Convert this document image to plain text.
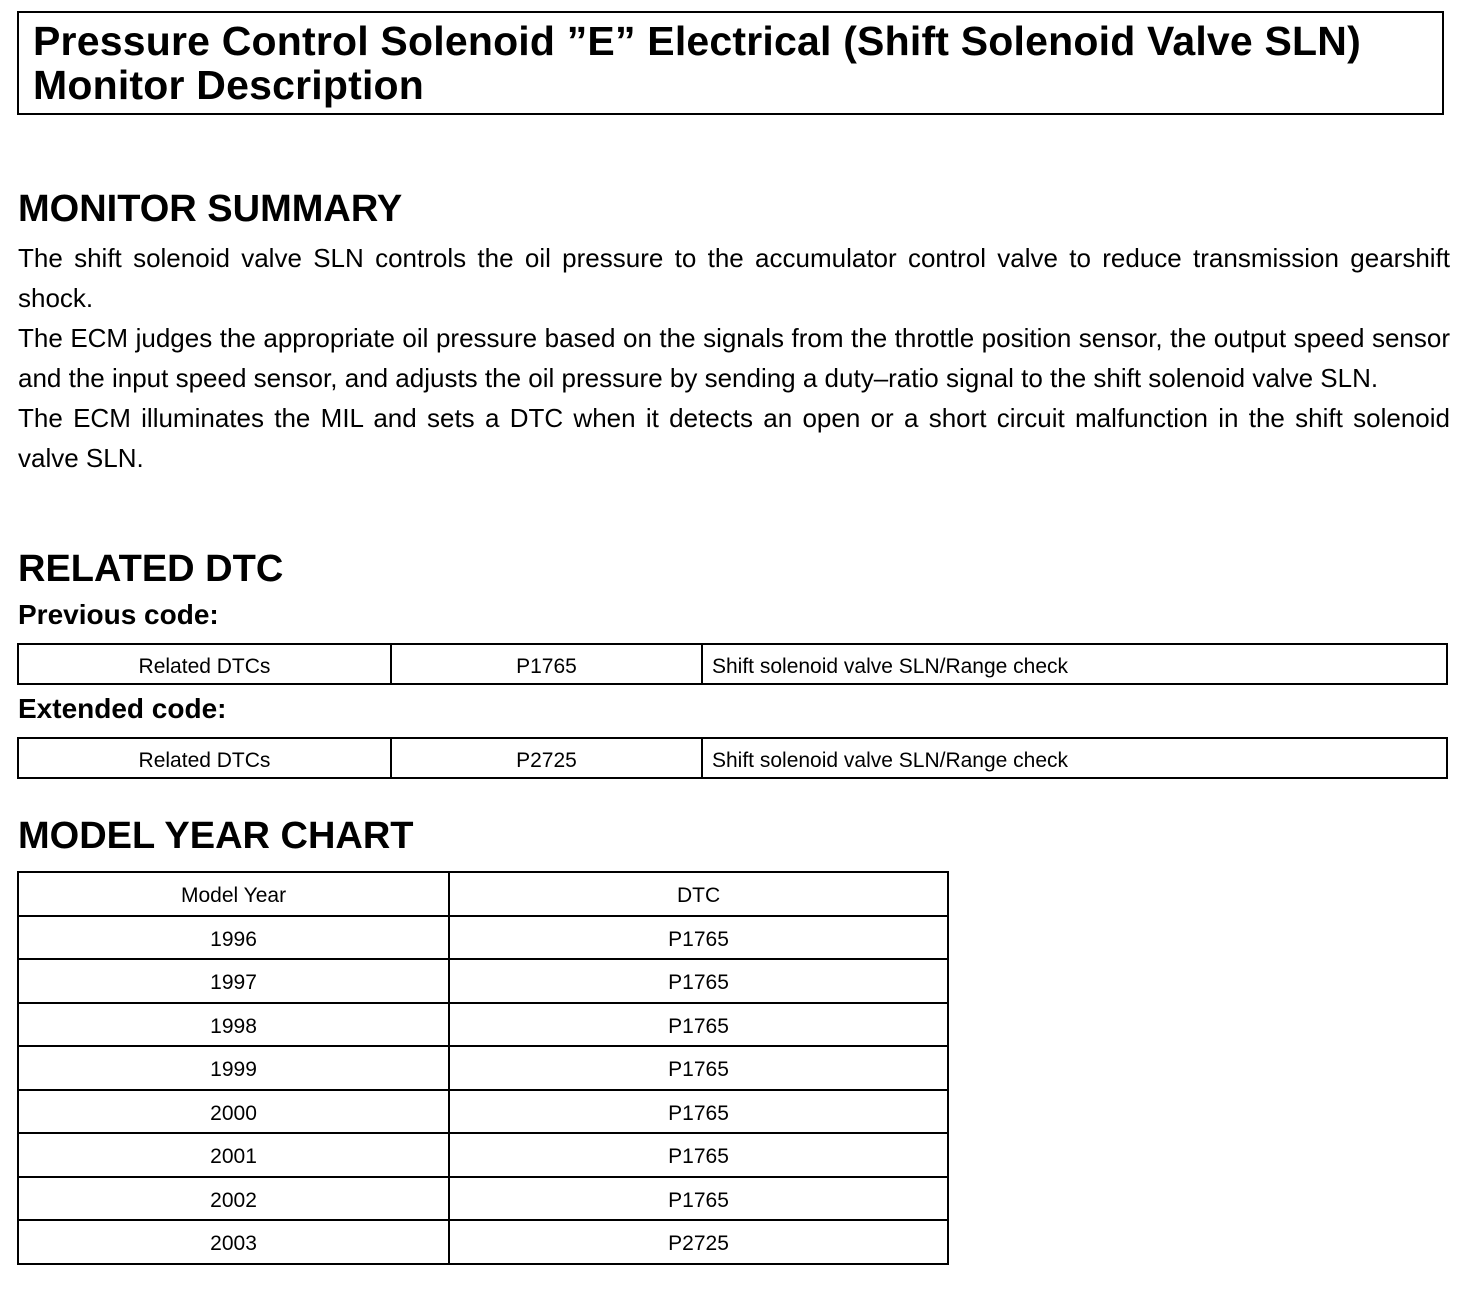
Pressure Control Solenoid ”E” Electrical (Shift Solenoid Valve SLN) Monitor Description
MONITOR SUMMARY

The shift solenoid valve SLN controls the oil pressure to the accumulator control valve to reduce transmission gearshift shock.

The ECM judges the appropriate oil pressure based on the signals from the throttle position sensor, the output speed sensor and the input speed sensor, and adjusts the oil pressure by sending a duty–ratio signal to the shift solenoid valve SLN.

The ECM illuminates the MIL and sets a DTC when it detects an open or a short circuit malfunction in the shift solenoid valve SLN.

RELATED DTC
Previous code:
Related DTCs	P1765	Shift solenoid valve SLN/Range check
Extended code:
Related DTCs	P2725	Shift solenoid valve SLN/Range check
MODEL YEAR CHART
Model Year	DTC
1996	P1765
1997	P1765
1998	P1765
1999	P1765
2000	P1765
2001	P1765
2002	P1765
2003	P2725
